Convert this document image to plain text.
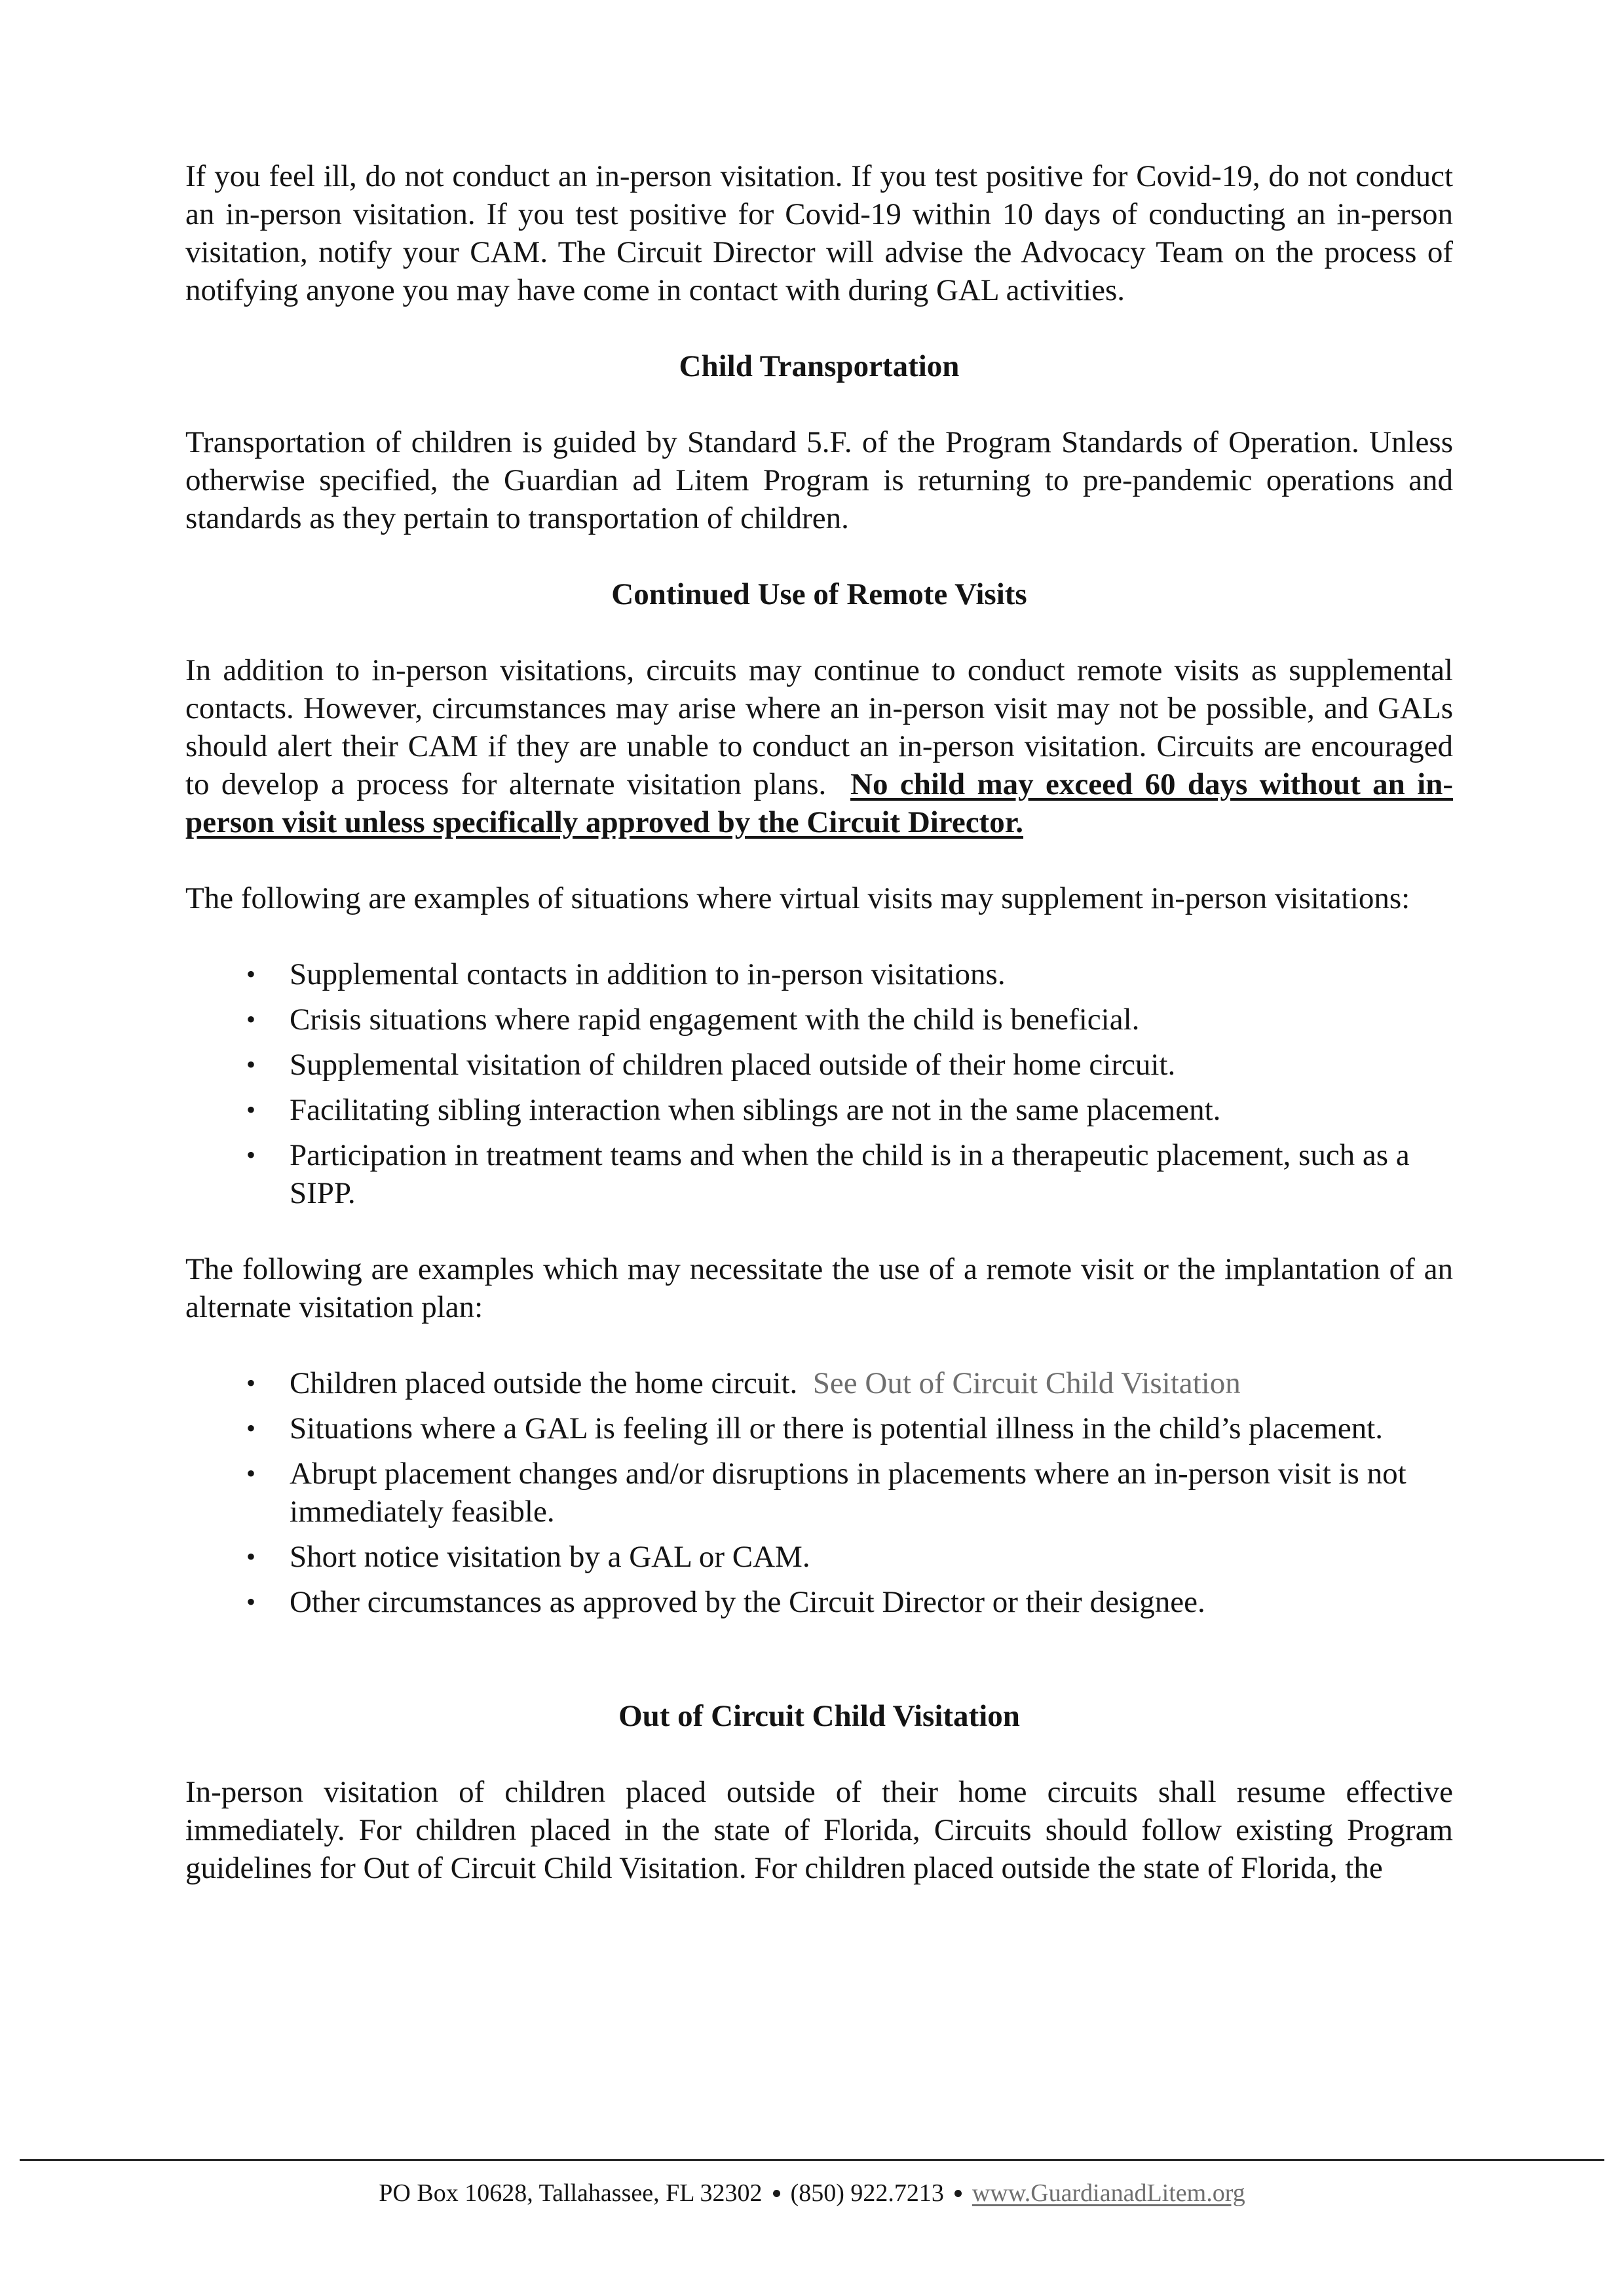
If you feel ill, do not conduct an in-person visitation. If you test positive for Covid-19, do not conduct an in-person visitation. If you test positive for Covid-19 within 10 days of conducting an in-person visitation, notify your CAM. The Circuit Director will advise the Advocacy Team on the process of notifying anyone you may have come in contact with during GAL activities.

Child Transportation

Transportation of children is guided by Standard 5.F. of the Program Standards of Operation. Unless otherwise specified, the Guardian ad Litem Program is returning to pre-pandemic operations and standards as they pertain to transportation of children.

Continued Use of Remote Visits

In addition to in-person visitations, circuits may continue to conduct remote visits as supplemental contacts. However, circumstances may arise where an in-person visit may not be possible, and GALs should alert their CAM if they are unable to conduct an in-person visitation. Circuits are encouraged to develop a process for alternate visitation plans. No child may exceed 60 days without an in-person visit unless specifically approved by the Circuit Director.

The following are examples of situations where virtual visits may supplement in-person visitations:

• Supplemental contacts in addition to in-person visitations.
• Crisis situations where rapid engagement with the child is beneficial.
• Supplemental visitation of children placed outside of their home circuit.
• Facilitating sibling interaction when siblings are not in the same placement.
• Participation in treatment teams and when the child is in a therapeutic placement, such as a SIPP.

The following are examples which may necessitate the use of a remote visit or the implantation of an alternate visitation plan:

• Children placed outside the home circuit. See Out of Circuit Child Visitation
• Situations where a GAL is feeling ill or there is potential illness in the child’s placement.
• Abrupt placement changes and/or disruptions in placements where an in-person visit is not immediately feasible.
• Short notice visitation by a GAL or CAM.
• Other circumstances as approved by the Circuit Director or their designee.
Out of Circuit Child Visitation

In-person visitation of children placed outside of their home circuits shall resume effective immediately. For children placed in the state of Florida, Circuits should follow existing Program guidelines for Out of Circuit Child Visitation. For children placed outside the state of Florida, the

PO Box 10628, Tallahassee, FL 32302 (850) 922.7213 www.GuardianadLitem.org
